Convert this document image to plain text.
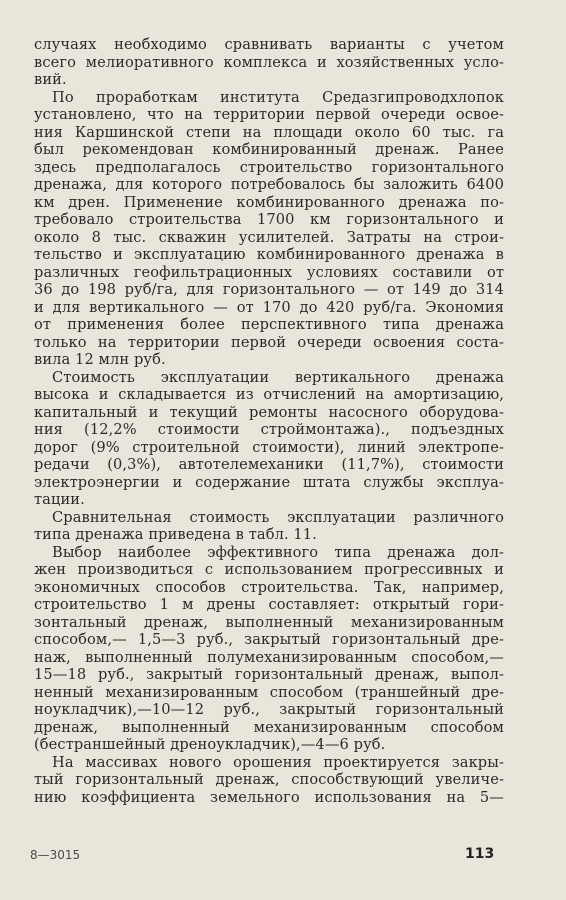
случаях необходимо сравнивать варианты с учетом
всего мелиоративного комплекса и хозяйственных усло-
вий.
По проработкам института Средазгипроводхлопок
установлено, что на территории первой очереди освое-
ния Каршинской степи на площади около 60 тыс. га
был рекомендован комбинированный дренаж. Ранее
здесь предполагалось строительство горизонтального
дренажа, для которого потребовалось бы заложить 6400
км дрен. Применение комбинированного дренажа по-
требовало строительства 1700 км горизонтального и
около 8 тыс. скважин усилителей. Затраты на строи-
тельство и эксплуатацию комбинированного дренажа в
различных геофильтрационных условиях составили от
36 до 198 руб/га, для горизонтального — от 149 до 314
и для вертикального — от 170 до 420 руб/га. Экономия
от применения более перспективного типа дренажа
только на территории первой очереди освоения соста-
вила 12 млн руб.
Стоимость эксплуатации вертикального дренажа
высока и складывается из отчислений на амортизацию,
капитальный и текущий ремонты насосного оборудова-
ния (12,2% стоимости строймонтажа)., подъездных
дорог (9% строительной стоимости), линий электропе-
редачи (0,3%), автотелемеханики (11,7%), стоимости
электроэнергии и содержание штата службы эксплуа-
тации.
Сравнительная стоимость эксплуатации различного
типа дренажа приведена в табл. 11.
Выбор наиболее эффективного типа дренажа дол-
жен производиться с использованием прогрессивных и
экономичных способов строительства. Так, например,
строительство 1 м дрены составляет: открытый гори-
зонтальный дренаж, выполненный механизированным
способом,— 1,5—3 руб., закрытый горизонтальный дре-
наж, выполненный полумеханизированным способом,—
15—18 руб., закрытый горизонтальный дренаж, выпол-
ненный механизированным способом (траншейный дре-
ноукладчик),—10—12 руб., закрытый горизонтальный
дренаж, выполненный механизированным способом
(бестраншейный дреноукладчик),—4—6 руб.
На массивах нового орошения проектируется закры-
тый горизонтальный дренаж, способствующий увеличе-
нию коэффициента земельного использования на 5—
8—3015	113
